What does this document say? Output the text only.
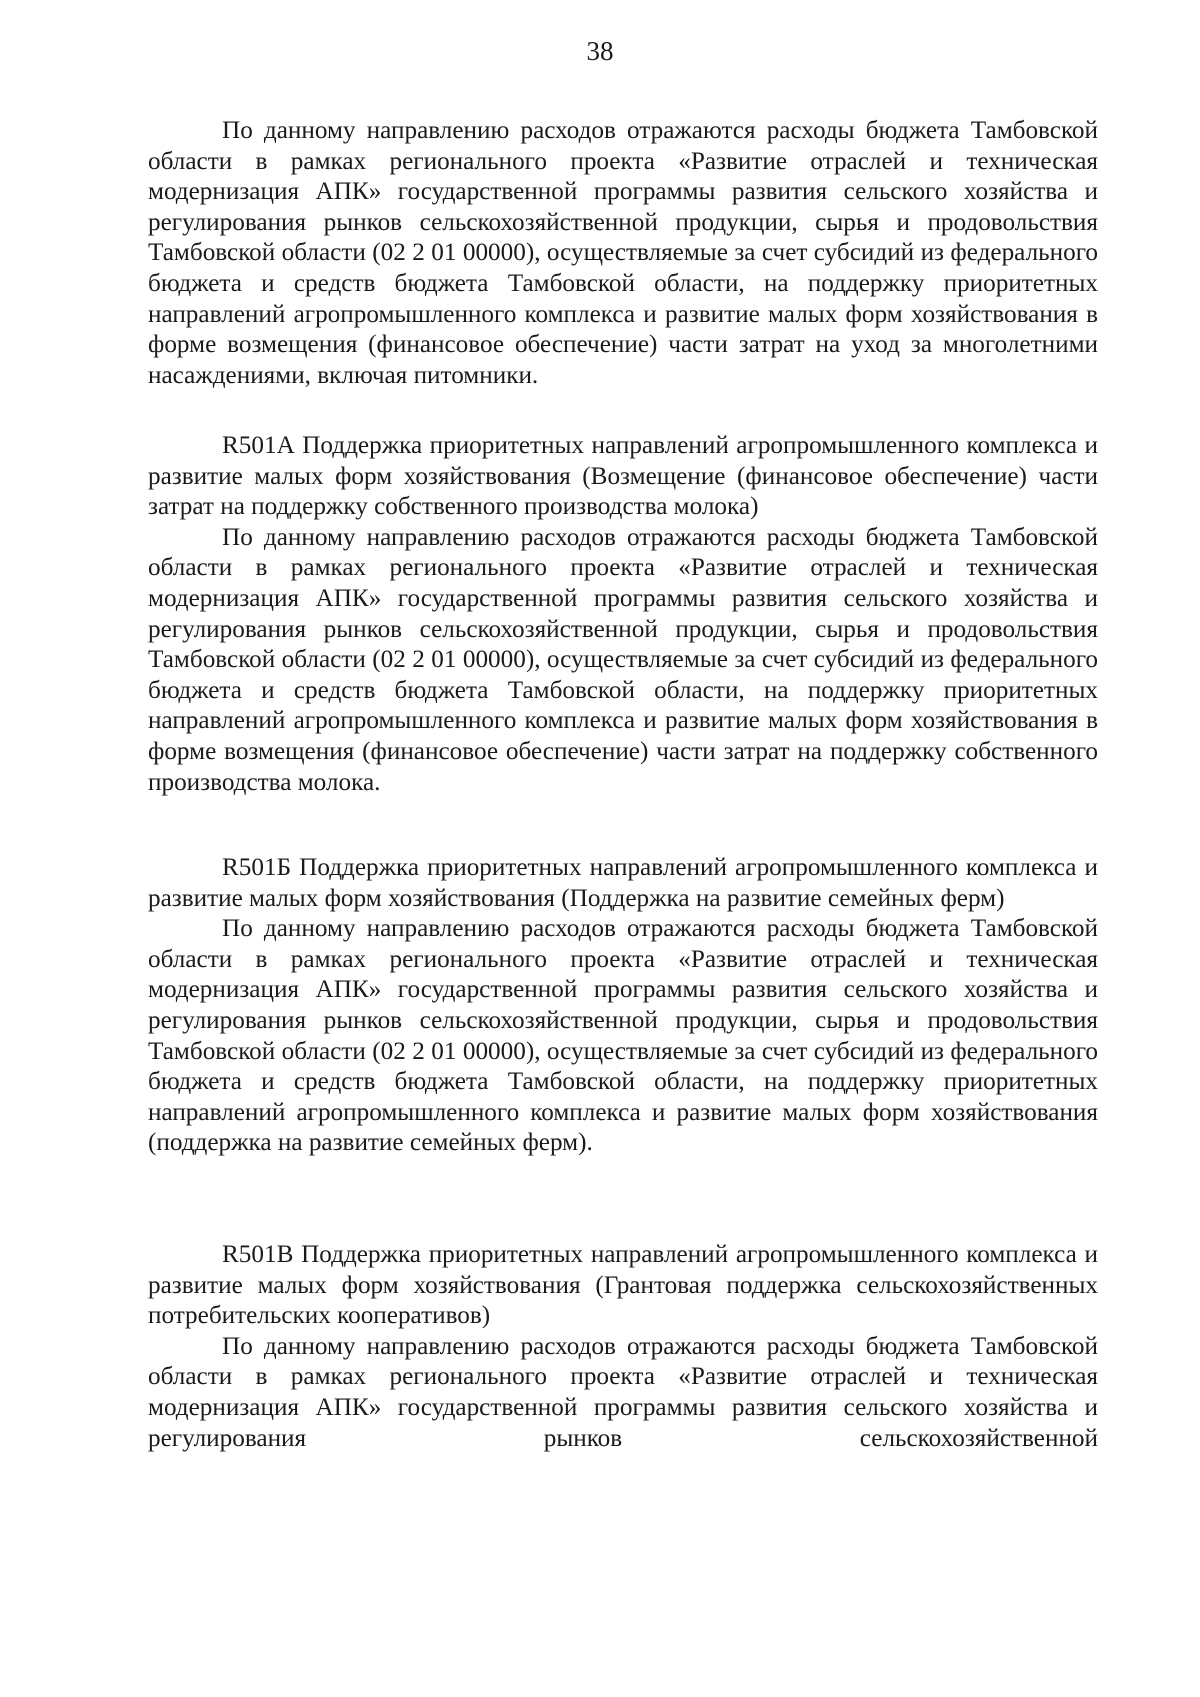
38

По данному направлению расходов отражаются расходы бюджета Тамбовской области в рамках регионального проекта «Развитие отраслей и техническая модернизация АПК» государственной программы развития сельского хозяйства и регулирования рынков сельскохозяйственной продукции, сырья и продовольствия Тамбовской области (02 2 01 00000), осуществляемые за счет субсидий из федерального бюджета и средств бюджета Тамбовской области, на поддержку приоритетных направлений агропромышленного комплекса и развитие малых форм хозяйствования в форме возмещения (финансовое обеспечение) части затрат на уход за многолетними насаждениями, включая питомники.

R501А Поддержка приоритетных направлений агропромышленного комплекса и развитие малых форм хозяйствования (Возмещение (финансовое обеспечение) части затрат на поддержку собственного производства молока)

По данному направлению расходов отражаются расходы бюджета Тамбовской области в рамках регионального проекта «Развитие отраслей и техническая модернизация АПК» государственной программы развития сельского хозяйства и регулирования рынков сельскохозяйственной продукции, сырья и продовольствия Тамбовской области (02 2 01 00000), осуществляемые за счет субсидий из федерального бюджета и средств бюджета Тамбовской области, на поддержку приоритетных направлений агропромышленного комплекса и развитие малых форм хозяйствования в форме возмещения (финансовое обеспечение) части затрат на поддержку собственного производства молока.

R501Б Поддержка приоритетных направлений агропромышленного комплекса и развитие малых форм хозяйствования (Поддержка на развитие семейных ферм)

По данному направлению расходов отражаются расходы бюджета Тамбовской области в рамках регионального проекта «Развитие отраслей и техническая модернизация АПК» государственной программы развития сельского хозяйства и регулирования рынков сельскохозяйственной продукции, сырья и продовольствия Тамбовской области (02 2 01 00000), осуществляемые за счет субсидий из федерального бюджета и средств бюджета Тамбовской области, на поддержку приоритетных направлений агропромышленного комплекса и развитие малых форм хозяйствования (поддержка на развитие семейных ферм).

R501В Поддержка приоритетных направлений агропромышленного комплекса и развитие малых форм хозяйствования (Грантовая поддержка сельскохозяйственных потребительских кооперативов)

По данному направлению расходов отражаются расходы бюджета Тамбовской области в рамках регионального проекта «Развитие отраслей и техническая модернизация АПК» государственной программы развития сельского хозяйства и регулирования рынков сельскохозяйственной
